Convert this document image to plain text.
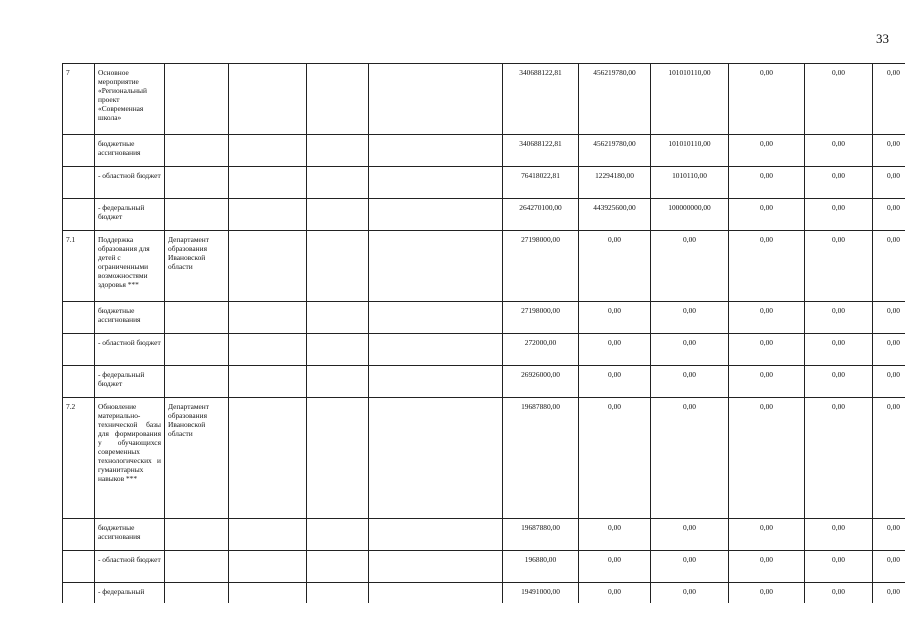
33
7	Основное мероприятие «Региональный проект «Современная школа»					340688122,81	456219780,00	101010110,00	0,00	0,00	0,00
	бюджетные ассигнования					340688122,81	456219780,00	101010110,00	0,00	0,00	0,00
	- областной бюджет					76418022,81	12294180,00	1010110,00	0,00	0,00	0,00
	- федеральный бюджет					264270100,00	443925600,00	100000000,00	0,00	0,00	0,00
7.1	Поддержка образования для детей с ограниченными возможностями здоровья ***	Департамент образования Ивановской области				27198000,00	0,00	0,00	0,00	0,00	0,00
	бюджетные ассигнования					27198000,00	0,00	0,00	0,00	0,00	0,00
	- областной бюджет					272000,00	0,00	0,00	0,00	0,00	0,00
	- федеральный бюджет					26926000,00	0,00	0,00	0,00	0,00	0,00
7.2	Обновление материально-технической базы для формирования у обучающихся современных технологических и гуманитарных навыков ***	Департамент образования Ивановской области				19687880,00	0,00	0,00	0,00	0,00	0,00
	бюджетные ассигнования					19687880,00	0,00	0,00	0,00	0,00	0,00
	- областной бюджет					196880,00	0,00	0,00	0,00	0,00	0,00
	- федеральный					19491000,00	0,00	0,00	0,00	0,00	0,00
